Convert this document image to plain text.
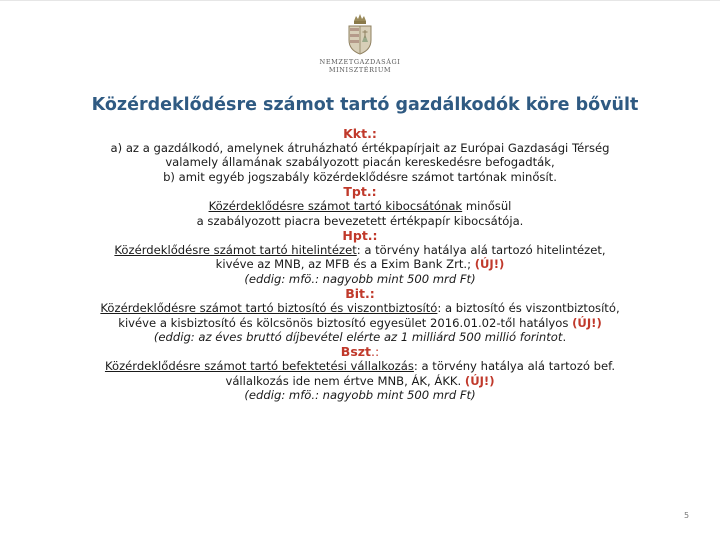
NEMZETGAZDASÁGI
MINISZTÉRIUM
Közérdeklődésre számot tartó gazdálkodók köre bővült

Kkt.:

a) az a gazdálkodó, amelynek átruházható értékpapírjait az Európai Gazdasági Térség

valamely államának szabályozott piacán kereskedésre befogadták,

b) amit egyéb jogszabály közérdeklődésre számot tartónak minősít.

Tpt.:

Közérdeklődésre számot tartó kibocsátónak minősül

a szabályozott piacra bevezetett értékpapír kibocsátója.

Hpt.:

Közérdeklődésre számot tartó hitelintézet: a törvény hatálya alá tartozó hitelintézet,

kivéve az MNB, az MFB és a Exim Bank Zrt.; (ÚJ!)

(eddig: mfö.: nagyobb mint 500 mrd Ft)

Bit.:

Közérdeklődésre számot tartó biztosító és viszontbiztosító: a biztosító és viszontbiztosító,

kivéve a kisbiztosító és kölcsönös biztosító egyesület 2016.01.02-től hatályos (ÚJ!)

(eddig: az éves bruttó díjbevétel elérte az 1 milliárd 500 millió forintot.

Bszt.:

Közérdeklődésre számot tartó befektetési vállalkozás: a törvény hatálya alá tartozó bef.

vállalkozás ide nem értve MNB, ÁK, ÁKK. (ÚJ!)

(eddig: mfö.: nagyobb mint 500 mrd Ft)

5
